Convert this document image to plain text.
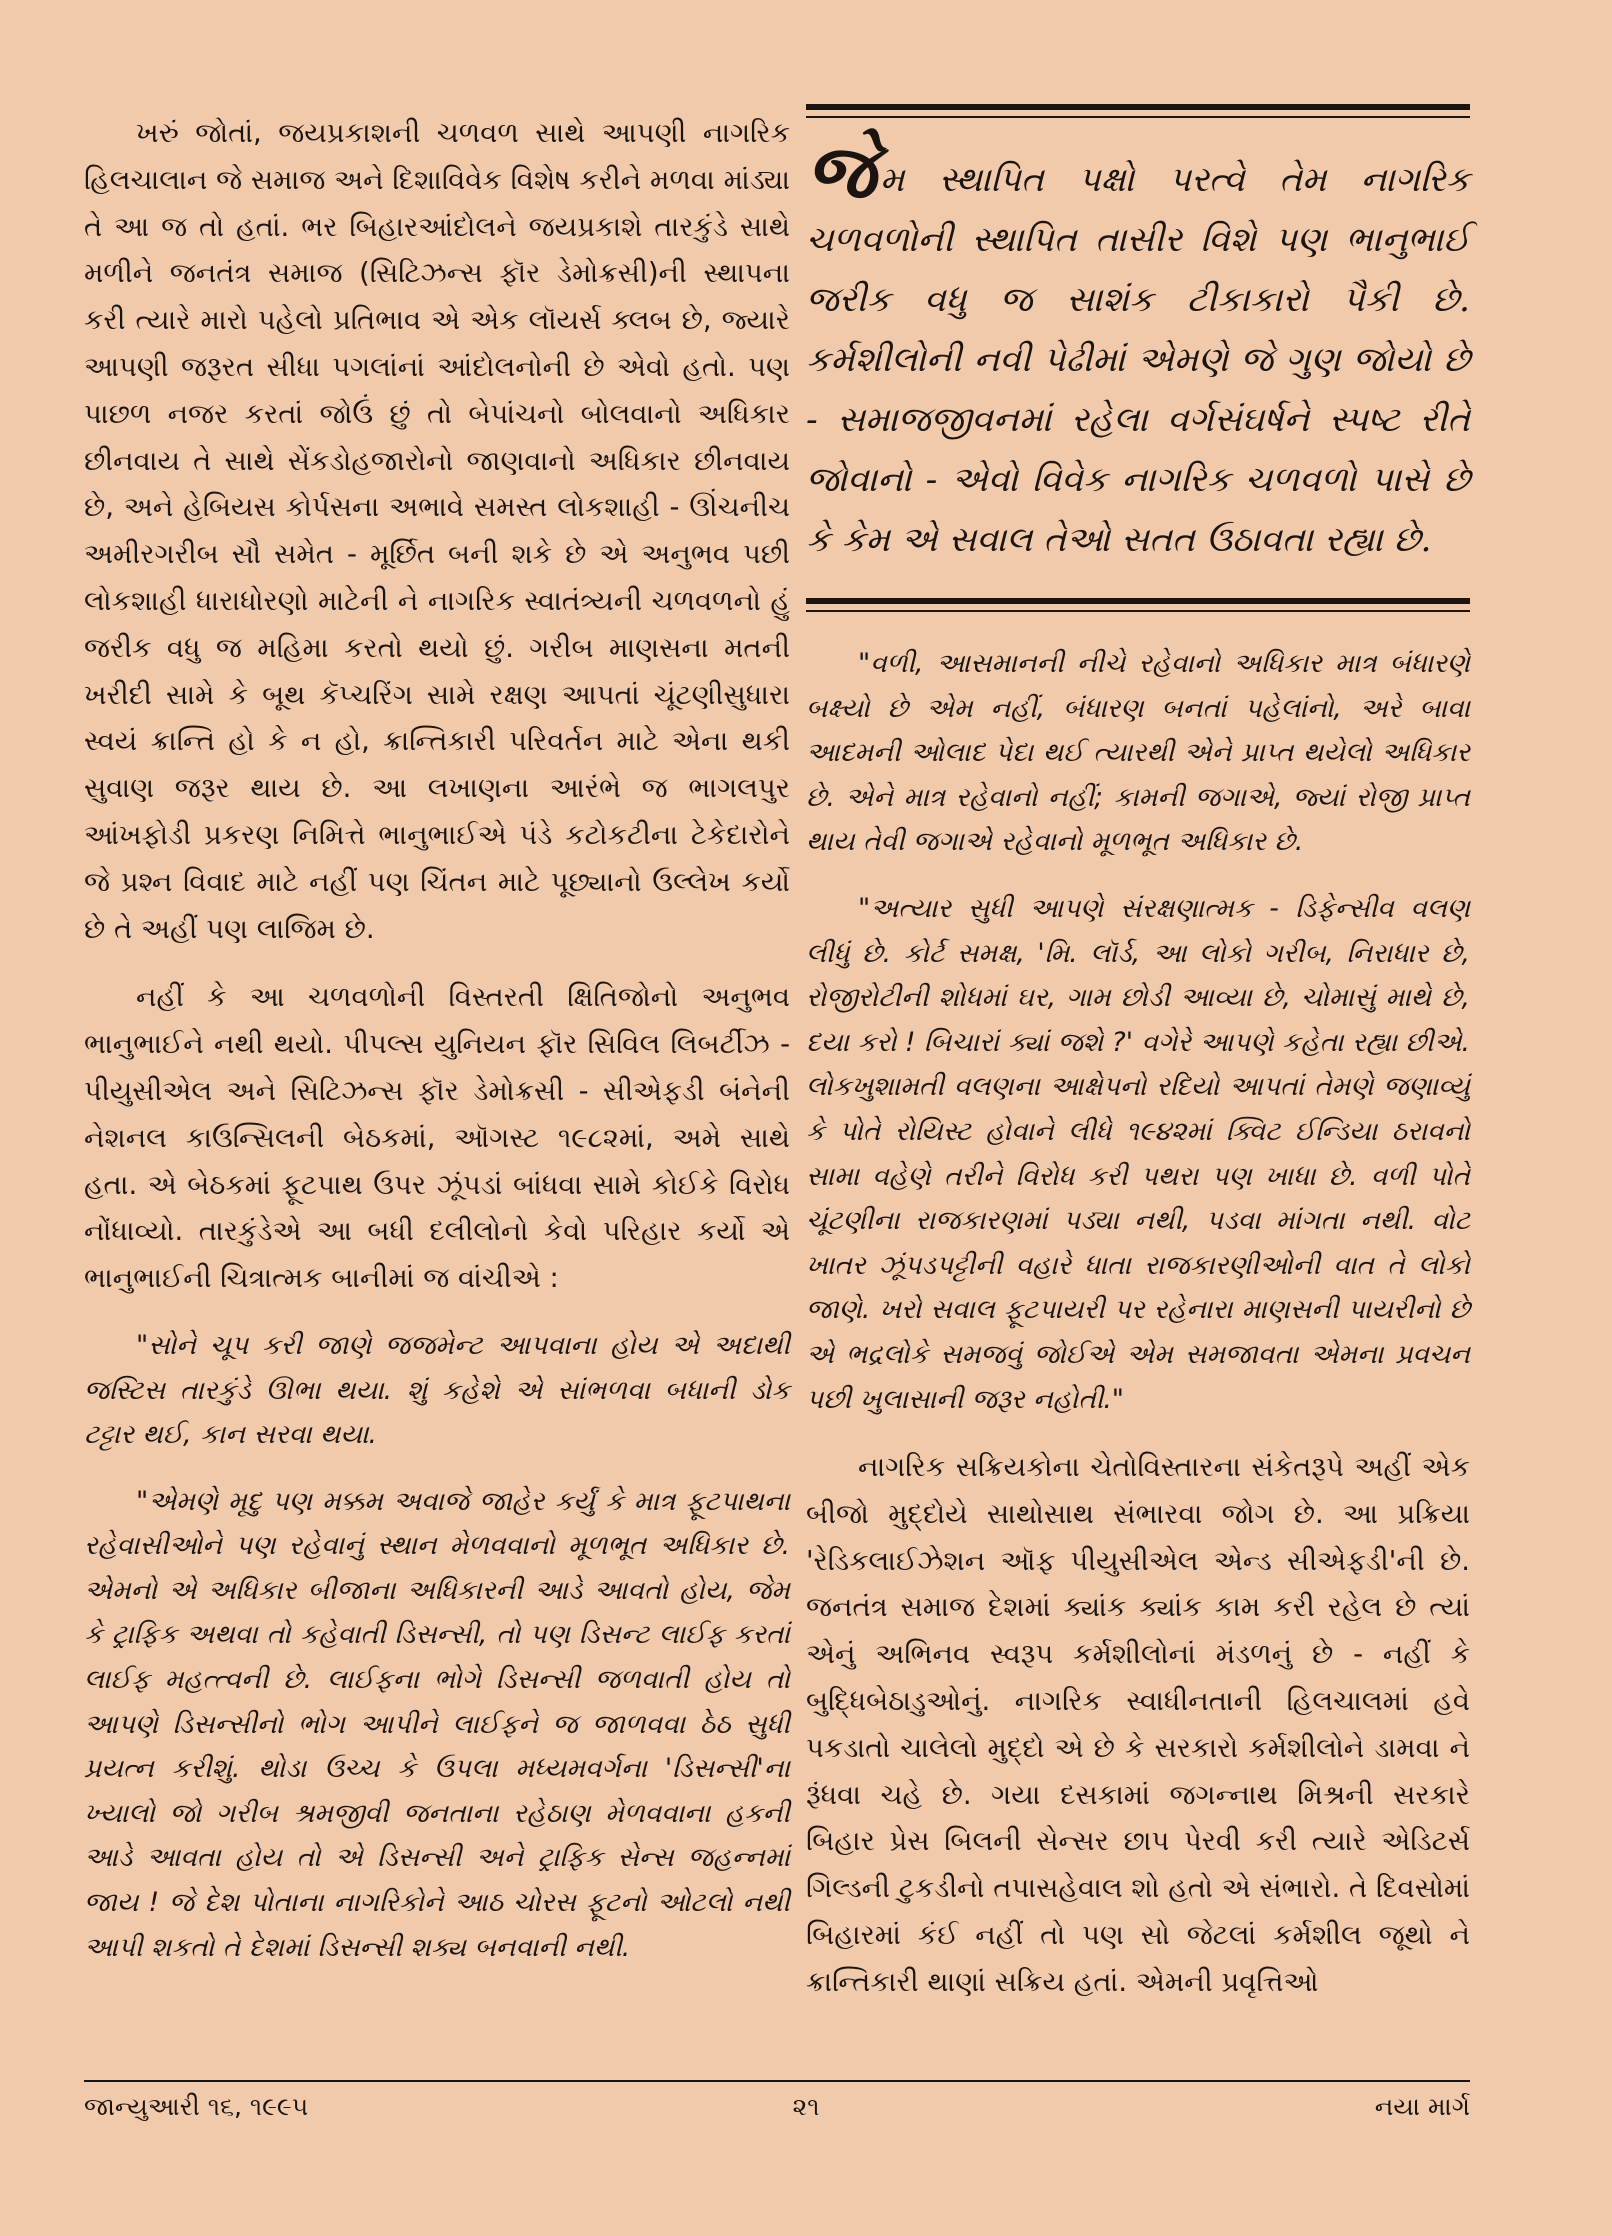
ખરું જોતાં, જયપ્રકાશની ચળવળ સાથે આપણી નાગરિક હિલચાલાન જે સમાજ અને દિશાવિવેક વિશેષ કરીને મળવા માંડ્યા તે આ જ તો હતાં. ભર બિહારઆંદોલને જયપ્રકાશે તારકુંડે સાથે મળીને જનતંત્ર સમાજ (સિટિઝન્સ ફૉર ડેમોક્રસી)ની સ્થાપના કરી ત્યારે મારો પહેલો પ્રતિભાવ એ એક લૉયર્સ ક્લબ છે, જ્યારે આપણી જરૂરત સીધા પગલાંનાં આંદોલનોની છે એવો હતો. પણ પાછળ નજર કરતાં જોઉં છું તો બેપાંચનો બોલવાનો અધિકાર છીનવાય તે સાથે સેંકડોહજારોનો જાણવાનો અધિકાર છીનવાય છે, અને હેબિયસ કોર્પસના અભાવે સમસ્ત લોકશાહી - ઊંચનીચ અમીરગરીબ સૌ સમેત - મૂર્છિત બની શકે છે એ અનુભવ પછી લોકશાહી ધારાધોરણો માટેની ને નાગરિક સ્વાતંત્ર્યની ચળવળનો હું જરીક વધુ જ મહિમા કરતો થયો છું. ગરીબ માણસના મતની ખરીદી સામે કે બૂથ કૅપ્ચરિંગ સામે રક્ષણ આપતાં ચૂંટણીસુધારા સ્વયં ક્રાન્તિ હો કે ન હો, ક્રાન્તિકારી પરિવર્તન માટે એના થકી સુવાણ જરૂર થાય છે. આ લખાણના આરંભે જ ભાગલપુર આંખફોડી પ્રકરણ નિમિત્તે ભાનુભાઈએ પંડે કટોકટીના ટેકેદારોને જે પ્રશ્ન વિવાદ માટે નહીં પણ ચિંતન માટે પૂછ્યાનો ઉલ્લેખ કર્યો છે તે અહીં પણ લાજિમ છે.

નહીં કે આ ચળવળોની વિસ્તરતી ક્ષિતિજોનો અનુભવ ભાનુભાઈને નથી થયો. પીપલ્સ યુનિયન ફૉર સિવિલ લિબર્ટીઝ - પીયુસીએલ અને સિટિઝન્સ ફૉર ડેમોક્રસી - સીએફડી બંનેની નેશનલ કાઉન્સિલની બેઠકમાં, ઑગસ્ટ ૧૯૮૨માં, અમે સાથે હતા. એ બેઠકમાં ફૂટપાથ ઉપર ઝૂંપડાં બાંધવા સામે કોઈકે વિરોધ નોંધાવ્યો. તારકુંડેએ આ બધી દલીલોનો કેવો પરિહાર કર્યો એ ભાનુભાઈની ચિત્રાત્મક બાનીમાં જ વાંચીએ :

"સોને ચૂપ કરી જાણે જજમેન્ટ આપવાના હોય એ અદાથી જસ્ટિસ તારકુંડે ઊભા થયા. શું કહેશે એ સાંભળવા બધાની ડોક ટટ્ટાર થઈ, કાન સરવા થયા.

"એમણે મૃદુ પણ મક્કમ અવાજે જાહેર કર્યું કે માત્ર ફૂટપાથના રહેવાસીઓને પણ રહેવાનું સ્થાન મેળવવાનો મૂળભૂત અધિકાર છે. એમનો એ અધિકાર બીજાના અધિકારની આડે આવતો હોય, જેમ કે ટ્રાફિક અથવા તો કહેવાતી ડિસન્સી, તો પણ ડિસન્ટ લાઈફ કરતાં લાઈફ મહત્ત્વની છે. લાઈફના ભોગે ડિસન્સી જળવાતી હોય તો આપણે ડિસન્સીનો ભોગ આપીને લાઈફને જ જાળવવા ઠેઠ સુધી પ્રયત્ન કરીશું. થોડા ઉચ્ચ કે ઉપલા મધ્યમવર્ગના 'ડિસન્સી'ના ખ્યાલો જો ગરીબ શ્રમજીવી જનતાના રહેઠાણ મેળવવાના હકની આડે આવતા હોય તો એ ડિસન્સી અને ટ્રાફિક સેન્સ જહન્નમાં જાય ! જે દેશ પોતાના નાગરિકોને આઠ ચોરસ ફૂટનો ઓટલો નથી આપી શકતો તે દેશમાં ડિસન્સી શક્ય બનવાની નથી.

જેમ સ્થાપિત પક્ષો પરત્વે તેમ નાગરિક ચળવળોની સ્થાપિત તાસીર વિશે પણ ભાનુભાઈ જરીક વધુ જ સાશંક ટીકાકારો પૈકી છે. કર્મશીલોની નવી પેઢીમાં એમણે જે ગુણ જોયો છે - સમાજજીવનમાં રહેલા વર્ગસંઘર્ષને સ્પષ્ટ રીતે જોવાનો - એવો વિવેક નાગરિક ચળવળો પાસે છે કે કેમ એ સવાલ તેઓ સતત ઉઠાવતા રહ્યા છે.

"વળી, આસમાનની નીચે રહેવાનો અધિકાર માત્ર બંધારણે બક્ષ્યો છે એમ નહીં, બંધારણ બનતાં પહેલાંનો, અરે બાવા આદમની ઓલાદ પેદા થઈ ત્યારથી એને પ્રાપ્ત થયેલો અધિકાર છે. એને માત્ર રહેવાનો નહીં; કામની જગાએ, જ્યાં રોજી પ્રાપ્ત થાય તેવી જગાએ રહેવાનો મૂળભૂત અધિકાર છે.

"અત્યાર સુધી આપણે સંરક્ષણાત્મક - ડિફેન્સીવ વલણ લીધું છે. કોર્ટ સમક્ષ, 'મિ. લૉર્ડ, આ લોકો ગરીબ, નિરાધાર છે, રોજીરોટીની શોધમાં ઘર, ગામ છોડી આવ્યા છે, ચોમાસું માથે છે, દયા કરો ! બિચારાં ક્યાં જશે ?' વગેરે આપણે કહેતા રહ્યા છીએ. લોકખુશામતી વલણના આક્ષેપનો રદિયો આપતાં તેમણે જણાવ્યું કે પોતે રોયિસ્ટ હોવાને લીધે ૧૯૪૨માં ક્વિટ ઈન્ડિયા ઠરાવનો સામા વહેણે તરીને વિરોધ કરી પથરા પણ ખાધા છે. વળી પોતે ચૂંટણીના રાજકારણમાં પડ્યા નથી, પડવા માંગતા નથી. વોટ ખાતર ઝૂંપડપટ્ટીની વહારે ધાતા રાજકારણીઓની વાત તે લોકો જાણે. ખરો સવાલ ફૂટપાયરી પર રહેનારા માણસની પાયરીનો છે એ ભદ્રલોકે સમજવું જોઈએ એમ સમજાવતા એમના પ્રવચન પછી ખુલાસાની જરૂર નહોતી."

નાગરિક સક્રિયકોના ચેતોવિસ્તારના સંકેતરૂપે અહીં એક બીજો મુદ્દોયે સાથોસાથ સંભારવા જોગ છે. આ પ્રક્રિયા 'રેડિકલાઈઝેશન ઑફ પીયુસીએલ એન્ડ સીએફડી'ની છે. જનતંત્ર સમાજ દેશમાં ક્યાંક ક્યાંક કામ કરી રહેલ છે ત્યાં એનું અભિનવ સ્વરૂપ કર્મશીલોનાં મંડળનું છે - નહીં કે બુદ્ધિબેઠાડુઓનું. નાગરિક સ્વાધીનતાની હિલચાલમાં હવે પકડાતો ચાલેલો મુદ્દો એ છે કે સરકારો કર્મશીલોને ડામવા ને રૂંધવા ચહે છે. ગયા દસકામાં જગન્નાથ મિશ્રની સરકારે બિહાર પ્રેસ બિલની સેન્સર છાપ પેરવી કરી ત્યારે એડિટર્સ ગિલ્ડની ટુકડીનો તપાસહેવાલ શો હતો એ સંભારો. તે દિવસોમાં બિહારમાં કંઈ નહીં તો પણ સો જેટલાં કર્મશીલ જૂથો ને ક્રાન્તિકારી થાણાં સક્રિય હતાં. એમની પ્રવૃત્તિઓ

જાન્યુઆરી ૧૬, ૧૯૯૫	૨૧	નયા માર્ગ
